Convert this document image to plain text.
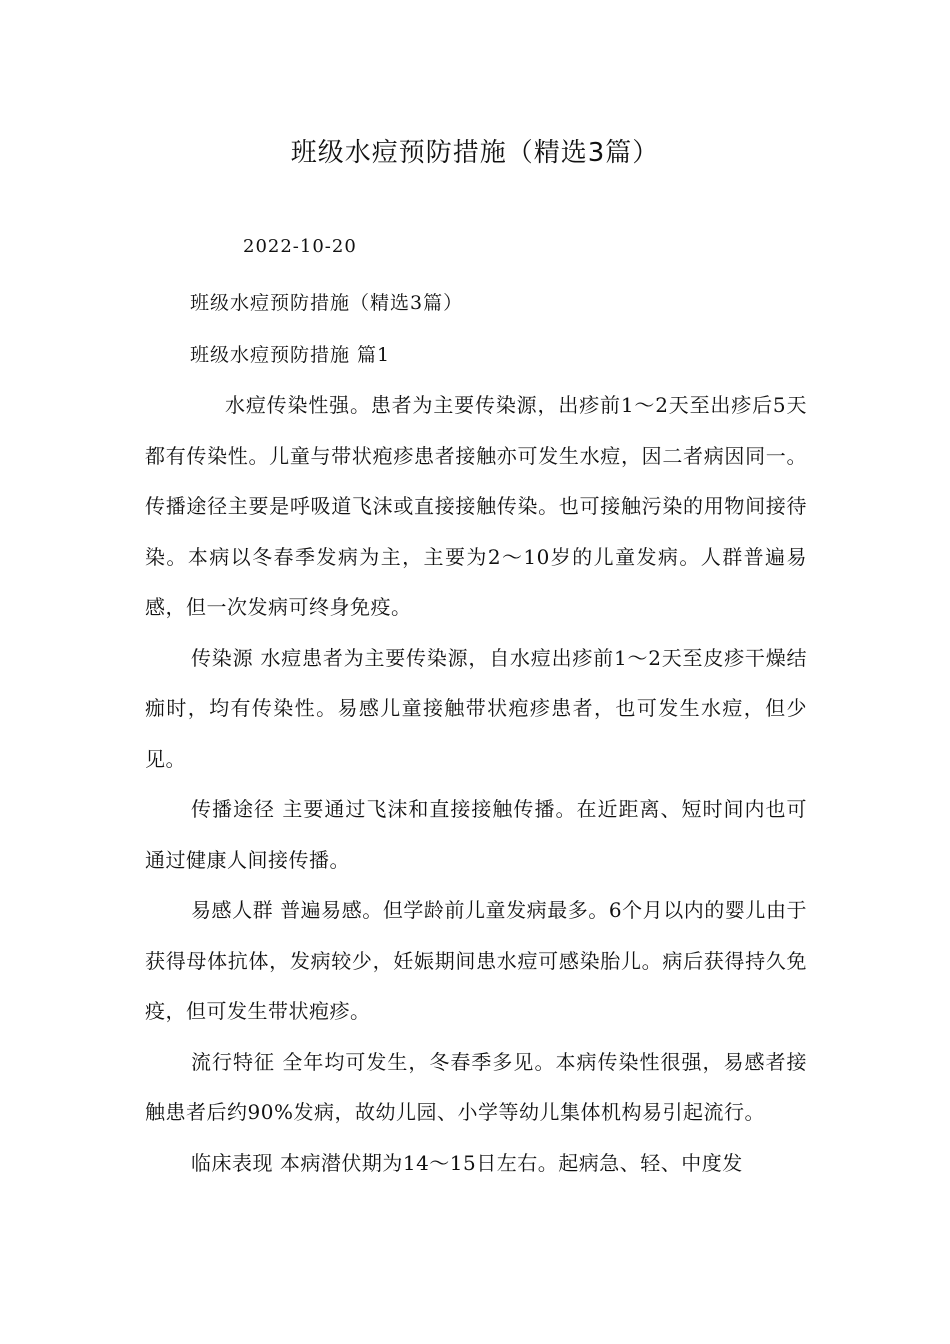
班级水痘预防措施（精选3篇）
2022-10-20
班级水痘预防措施（精选3篇）
班级水痘预防措施 篇1

水痘传染性强。患者为主要传染源，出疹前1～2天至出疹后5天都有传染性。儿童与带状疱疹患者接触亦可发生水痘，因二者病因同一。传播途径主要是呼吸道飞沫或直接接触传染。也可接触污染的用物间接待染。本病以冬春季发病为主，主要为2～10岁的儿童发病。人群普遍易感，但一次发病可终身免疫。

传染源 水痘患者为主要传染源，自水痘出疹前1～2天至皮疹干燥结痂时，均有传染性。易感儿童接触带状疱疹患者，也可发生水痘，但少见。

传播途径 主要通过飞沫和直接接触传播。在近距离、短时间内也可通过健康人间接传播。

易感人群 普遍易感。但学龄前儿童发病最多。6个月以内的婴儿由于获得母体抗体，发病较少，妊娠期间患水痘可感染胎儿。病后获得持久免疫，但可发生带状疱疹。

流行特征 全年均可发生，冬春季多见。本病传染性很强，易感者接触患者后约90%发病，故幼儿园、小学等幼儿集体机构易引起流行。

临床表现 本病潜伏期为14～15日左右。起病急、轻、中度发
